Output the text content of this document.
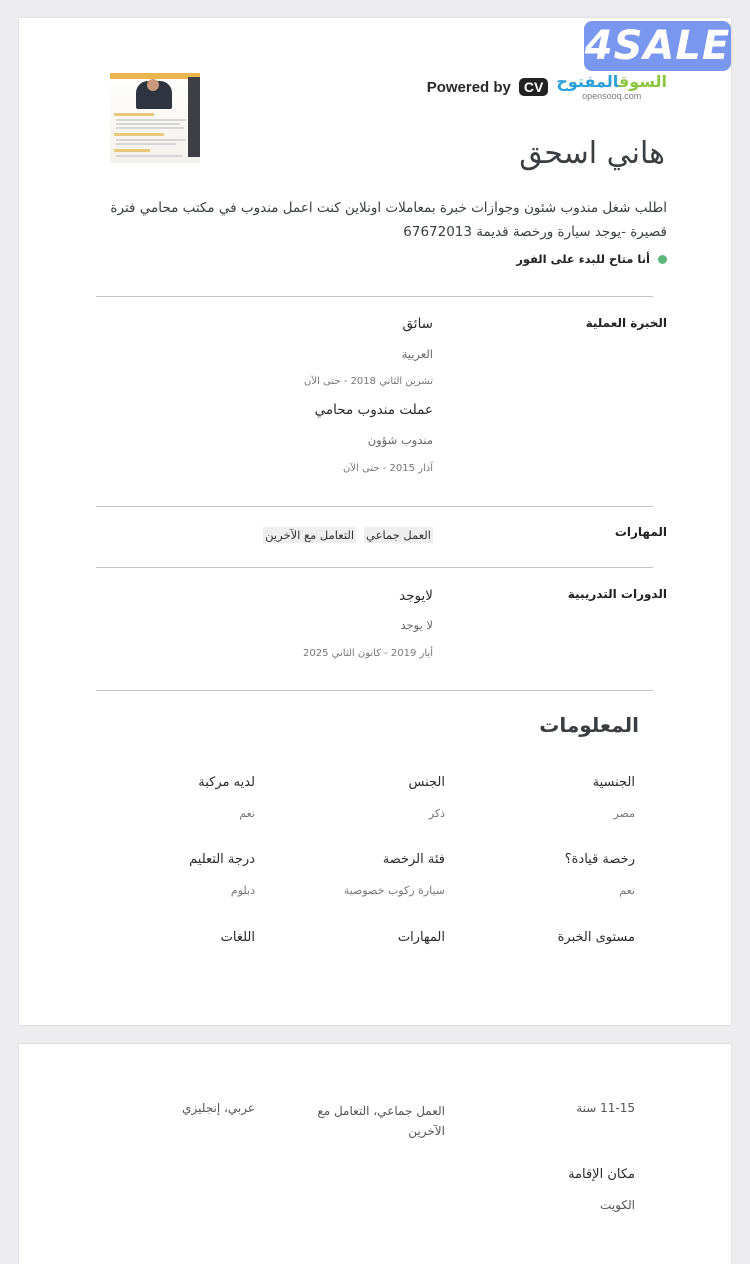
4SALE
Powered by CV	السوقالمفتوح
opensooq.com
هاني اسحق
اطلب شغل مندوب شئون وجوازات خبرة بمعاملات اونلاين كنت اعمل مندوب في مكتب محامي فترة قصيرة -يوجد سيارة ورخصة قديمة 67672013
أنا متاح للبدء على الفور
الخبرة العملية
سائق
العربية
تشرين الثاني 2018 - حتى الآن
عملت مندوب محامي
مندوب شؤون
آذار 2015 - حتى الآن
المهارات
العمل جماعي
التعامل مع الآخرين
الدورات التدريبية
لايوجد
لا يوجد
أيار 2019 - كانون الثاني 2025
المعلومات
الجنسية
مصر
الجنس
ذكر
لديه مركبة
نعم
رخصة قيادة؟
نعم
فئة الرخصة
سيارة ركوب خصوصية
درجة التعليم
دبلوم
مستوى الخبرة
المهارات
اللغات
11-15 سنة
العمل جماعي، التعامل مع الآخرين
عربي، إنجليزي
مكان الإقامة
الكويت
